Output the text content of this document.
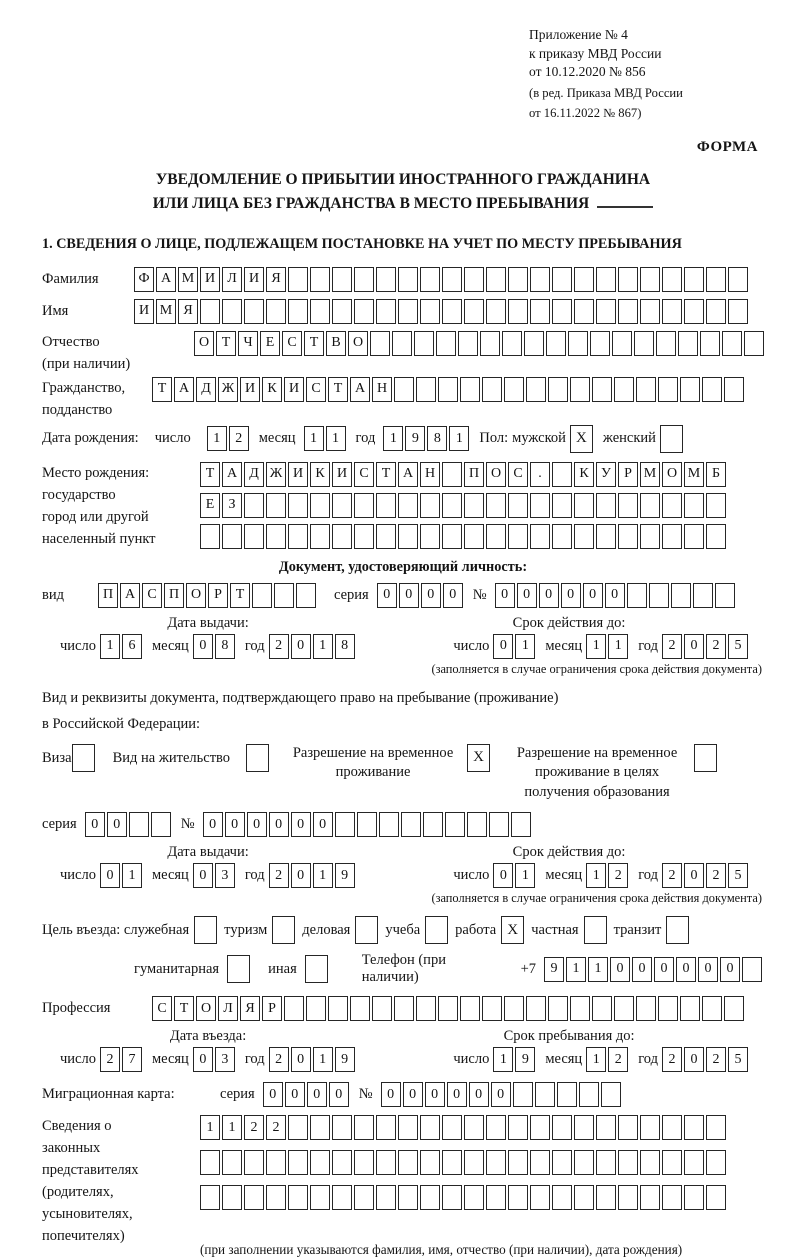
Приложение № 4
к приказу МВД России
от 10.12.2020 № 856
(в ред. Приказа МВД России
от 16.11.2022 № 867)
ФОРМА
УВЕДОМЛЕНИЕ О ПРИБЫТИИ ИНОСТРАННОГО ГРАЖДАНИНА
ИЛИ ЛИЦА БЕЗ ГРАЖДАНСТВА В МЕСТО ПРЕБЫВАНИЯ
1. СВЕДЕНИЯ О ЛИЦЕ, ПОДЛЕЖАЩЕМ ПОСТАНОВКЕ НА УЧЕТ ПО МЕСТУ ПРЕБЫВАНИЯ
Фамилия	Ф А М И Л И Я
Имя	И М Я
Отчество
(при наличии)
О Т Ч Е С Т В О
Гражданство,
подданство
Т А Д Ж И К И С Т А Н
Дата рождения: число	1	2	месяц	1	1	год	1	9	8	1	Пол:
мужской
X	женский

Место рождения:
государство
город или другой
населенный пункт
Т А Д Ж И К И С Т А Н	П О С	.	К У Р М О М Б
Е	З
Документ, удостоверяющий личность:
вид	П А С П О Р Т	серия	0	0	0	0	№	0	0	0	0	0	0
Дата выдачи:	Срок действия до:
число 1	6	месяц 0	8	год 2	0	1	8	число 0	1	месяц 1	1	год 2	0	2	5
(заполняется в случае ограничения срока действия документа)
Вид и реквизиты документа, подтверждающего право на пребывание (проживание)
в Российской Федерации:
Виза	Вид на жительство	Разрешение на временное проживание
X	Разрешение на временное проживание в целях получения образования
серия	0	0	№	0	0	0	0	0	0
Дата выдачи:	Срок действия до:
число 0	1	месяц 0	3	год 2	0	1	9	число 0	1	месяц 1	2	год 2	0	2	5
(заполняется в случае ограничения срока действия документа)
Цель въезда:
служебная туризм деловая учеба работа X частная транзит
гуманитарная	иная
Телефон (при наличии)
+7	9	1	1	0	0	0	0	0	0
Профессия	С Т О Л Я Р
Дата въезда:	Срок пребывания до:
число 2	7	месяц 0	3	год 2	0	1	9	число 1	9	месяц 1	2	год 2	0	2	5
Миграционная карта:	серия	0	0	0	0	№	0	0	0	0	0	0
Сведения о
законных
представителях
(родителях,
усыновителях,
попечителях)
1	1	2	2
(при заполнении указываются фамилия, имя, отчество (при наличии), дата рождения)
